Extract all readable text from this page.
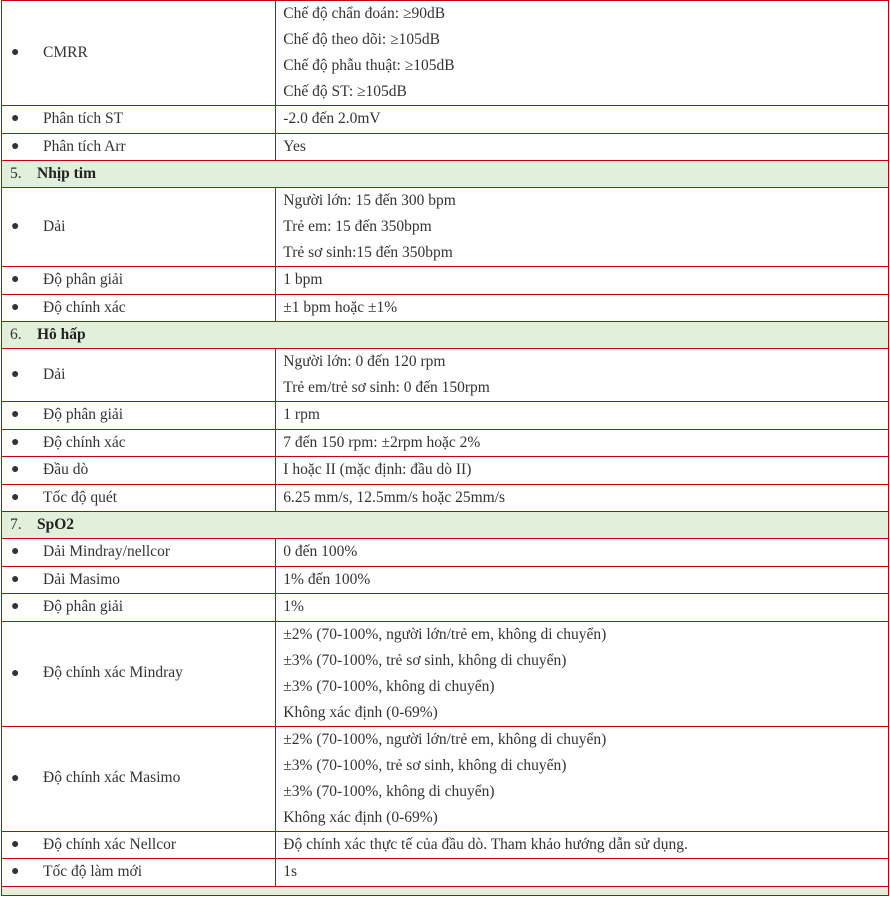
● CMRR	Chế độ chẩn đoán: ≥90dB
Chế độ theo dõi: ≥105dB
Chế độ phẫu thuật: ≥105dB
Chế độ ST: ≥105dB

● Phân tích ST	-2.0 đến 2.0mV

● Phân tích Arr	Yes

5. Nhịp tim	

● Dải	Người lớn: 15 đến 300 bpm
Trẻ em: 15 đến 350bpm
Trẻ sơ sinh:15 đến 350bpm

● Độ phân giải	1 bpm

● Độ chính xác	±1 bpm hoặc ±1%

6. Hô hấp	

● Dải	Người lớn: 0 đến 120 rpm
Trẻ em/trẻ sơ sinh: 0 đến 150rpm

● Độ phân giải	1 rpm

● Độ chính xác	7 đến 150 rpm: ±2rpm hoặc 2%

● Đầu dò	I hoặc II (mặc định: đầu dò II)

● Tốc độ quét	6.25 mm/s, 12.5mm/s hoặc 25mm/s

7. SpO2	

● Dải Mindray/nellcor	0 đến 100%

● Dải Masimo	1% đến 100%

● Độ phân giải	1%

● Độ chính xác Mindray	±2% (70-100%, người lớn/trẻ em, không di chuyển)
±3% (70-100%, trẻ sơ sinh, không di chuyển)
±3% (70-100%, không di chuyển)
Không xác định (0-69%)

● Độ chính xác Masimo	±2% (70-100%, người lớn/trẻ em, không di chuyển)
±3% (70-100%, trẻ sơ sinh, không di chuyển)
±3% (70-100%, không di chuyển)
Không xác định (0-69%)

● Độ chính xác Nellcor	Độ chính xác thực tế của đầu dò. Tham khảo hướng dẫn sử dụng.

● Tốc độ làm mới	1s
